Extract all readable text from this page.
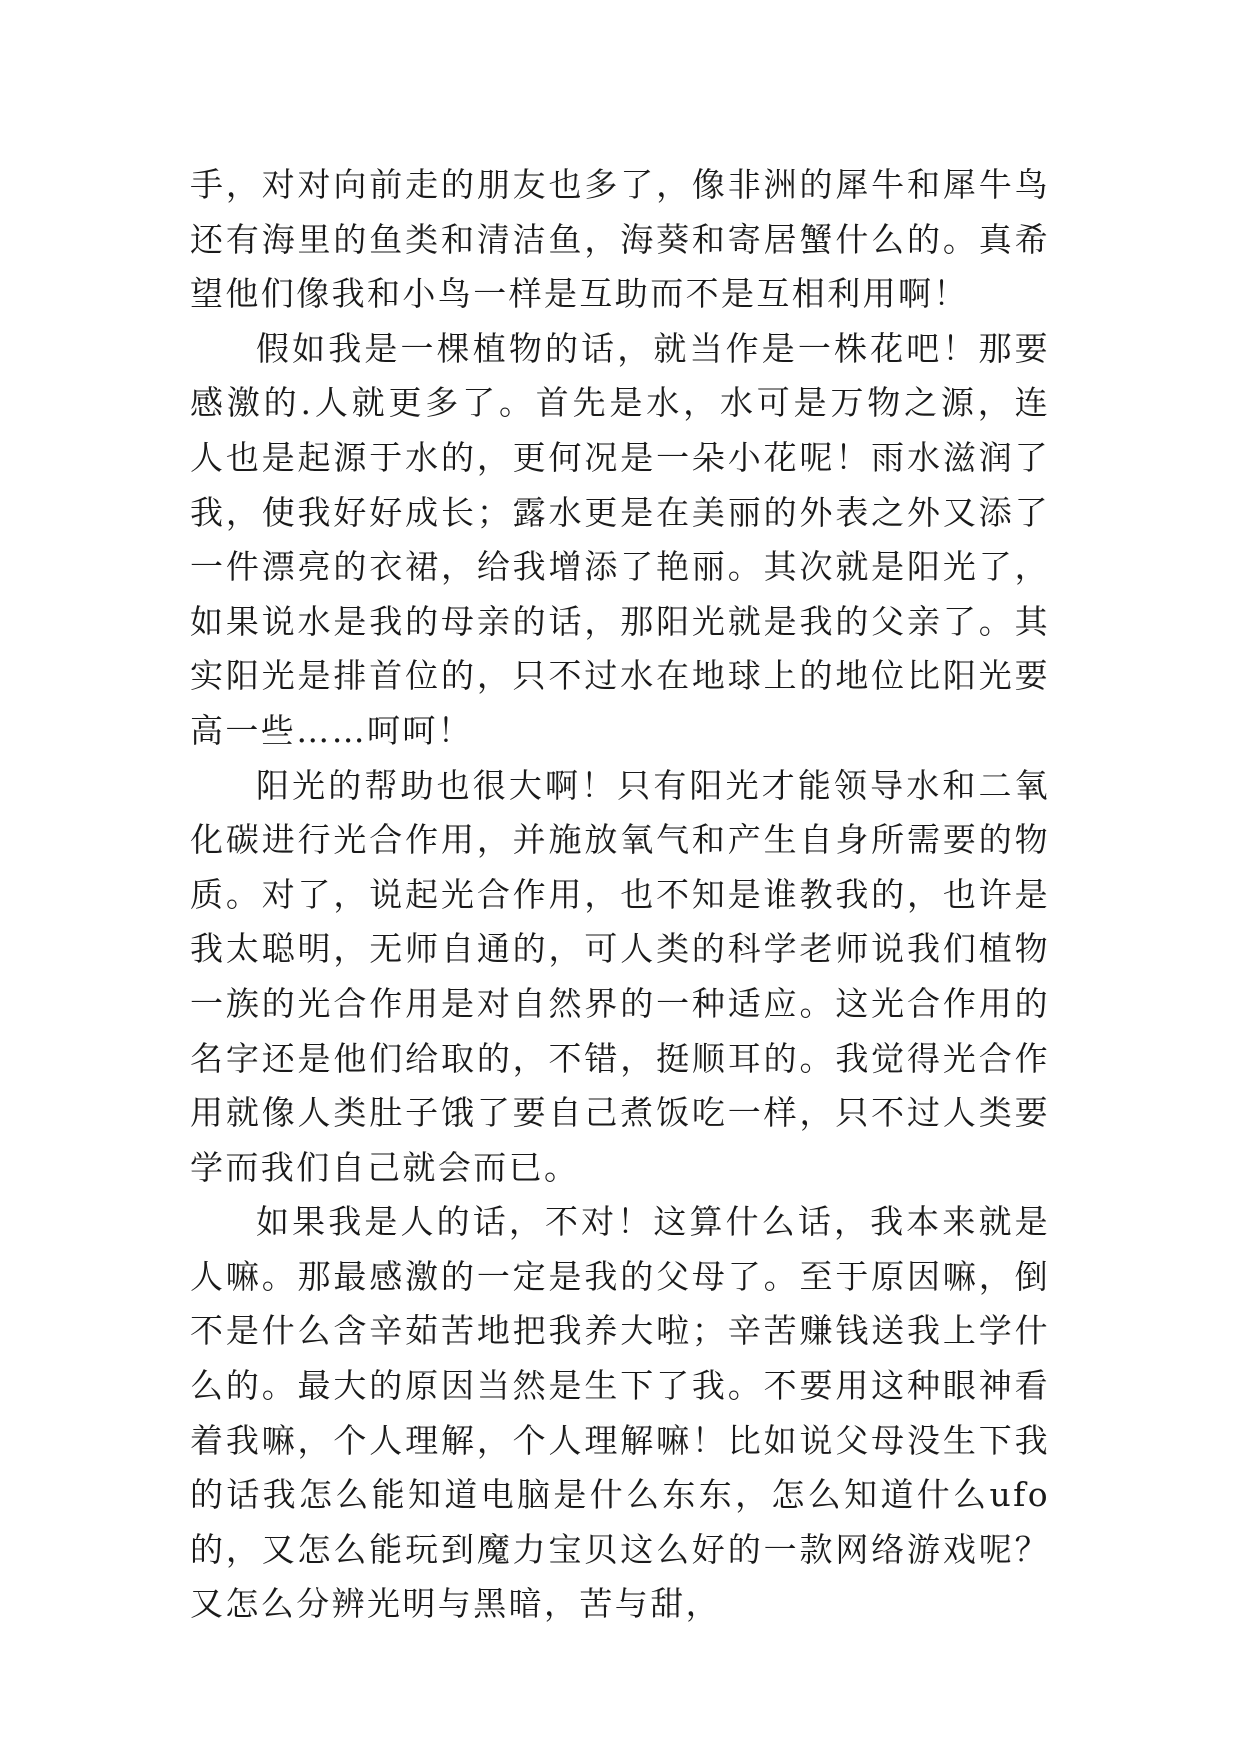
手，对对向前走的朋友也多了，像非洲的犀牛和犀牛鸟还有海里的鱼类和清洁鱼，海葵和寄居蟹什么的。真希望他们像我和小鸟一样是互助而不是互相利用啊！

假如我是一棵植物的话，就当作是一株花吧！那要感激的.人就更多了。首先是水，水可是万物之源，连人也是起源于水的，更何况是一朵小花呢！雨水滋润了我，使我好好成长；露水更是在美丽的外表之外又添了一件漂亮的衣裙，给我增添了艳丽。其次就是阳光了，如果说水是我的母亲的话，那阳光就是我的父亲了。其实阳光是排首位的，只不过水在地球上的地位比阳光要高一些……呵呵！

阳光的帮助也很大啊！只有阳光才能领导水和二氧化碳进行光合作用，并施放氧气和产生自身所需要的物质。对了，说起光合作用，也不知是谁教我的，也许是我太聪明，无师自通的，可人类的科学老师说我们植物一族的光合作用是对自然界的一种适应。这光合作用的名字还是他们给取的，不错，挺顺耳的。我觉得光合作用就像人类肚子饿了要自己煮饭吃一样，只不过人类要学而我们自己就会而已。

如果我是人的话，不对！这算什么话，我本来就是人嘛。那最感激的一定是我的父母了。至于原因嘛，倒不是什么含辛茹苦地把我养大啦；辛苦赚钱送我上学什么的。最大的原因当然是生下了我。不要用这种眼神看着我嘛，个人理解，个人理解嘛！比如说父母没生下我的话我怎么能知道电脑是什么东东，怎么知道什么ufo的，又怎么能玩到魔力宝贝这么好的一款网络游戏呢？又怎么分辨光明与黑暗，苦与甜，
